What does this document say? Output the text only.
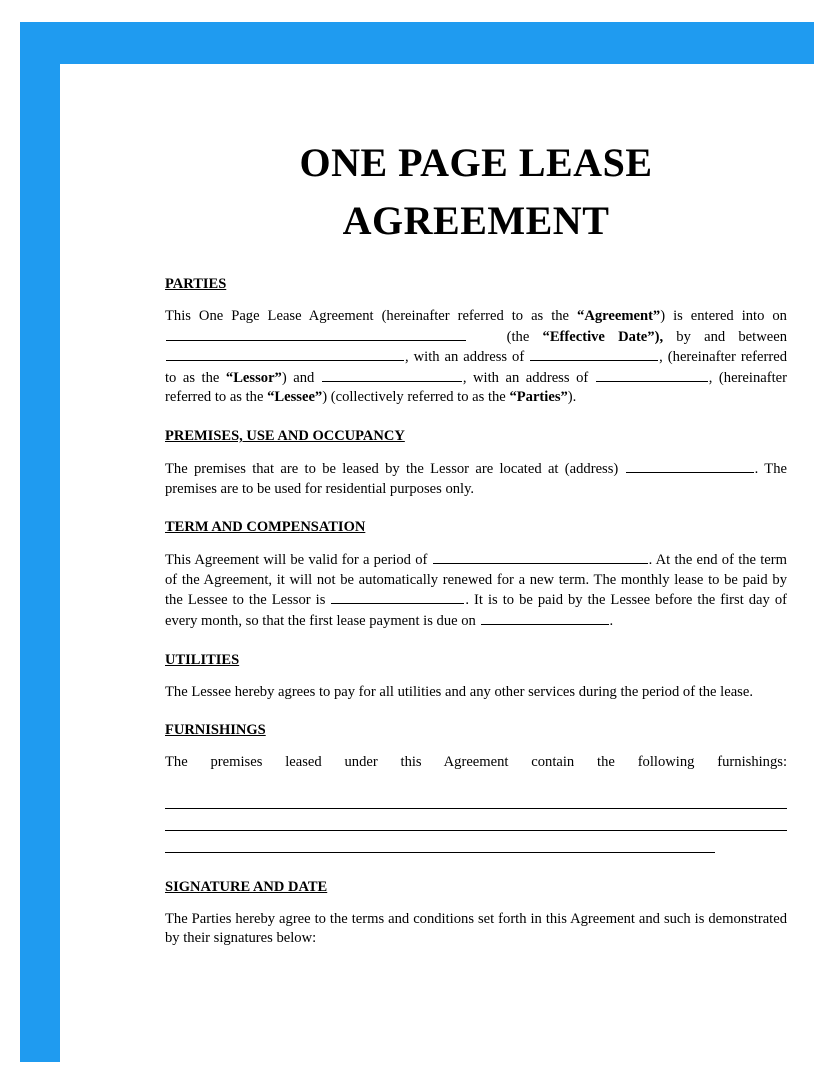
ONE PAGE LEASE AGREEMENT
PARTIES

This One Page Lease Agreement (hereinafter referred to as the “Agreement”) is entered into on    (the “Effective Date”), by and between , with an address of	, (hereinafter referred to as the “Lessor”) and	, with an address of	, (hereinafter referred to as the “Lessee”) (collectively referred to as the “Parties”).

PREMISES, USE AND OCCUPANCY

The premises that are to be leased by the Lessor are located at (address)	. The premises are to be used for residential purposes only.

TERM AND COMPENSATION

This Agreement will be valid for a period of	. At the end of the term of the Agreement, it will not be automatically renewed for a new term. The monthly lease to be paid by the Lessee to the Lessor is	. It is to be paid by the Lessee before the first day of every month, so that the first lease payment is due on	.

UTILITIES

The Lessee hereby agrees to pay for all utilities and any other services during the period of the lease.

FURNISHINGS

The premises leased under this Agreement contain the following furnishings:

SIGNATURE AND DATE

The Parties hereby agree to the terms and conditions set forth in this Agreement and such is demonstrated by their signatures below:
